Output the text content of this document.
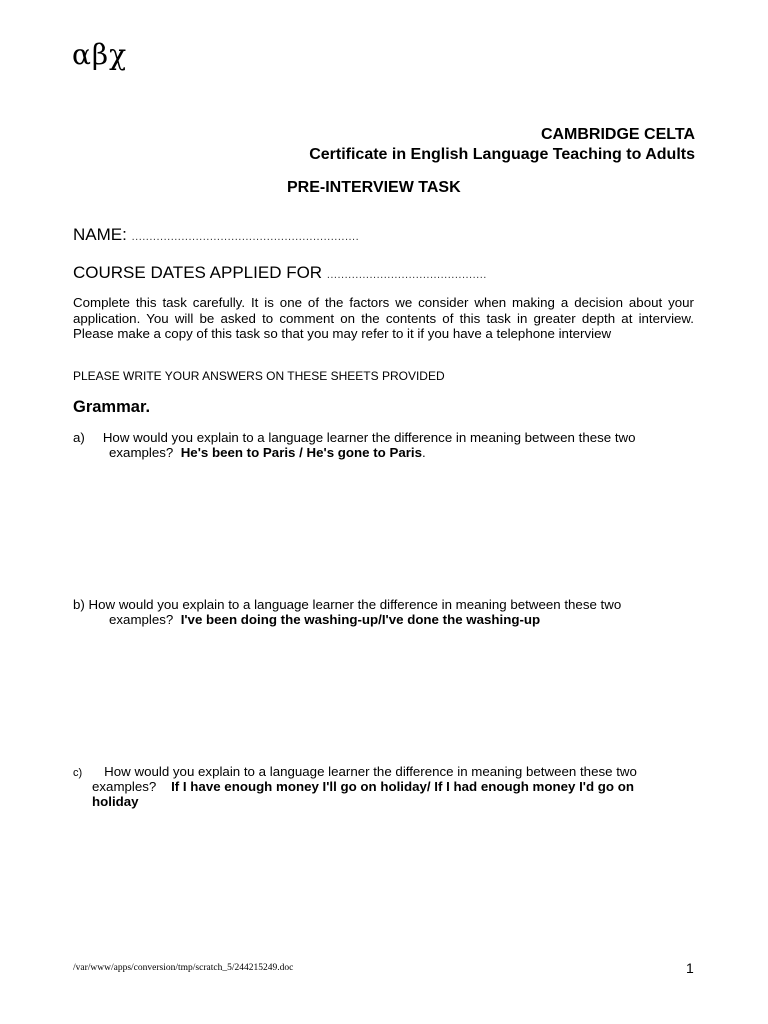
αβχ
CAMBRIDGE CELTA
Certificate in English Language Teaching to Adults
PRE-INTERVIEW TASK
NAME: ................................................................
COURSE DATES APPLIED FOR .............................................
Complete this task carefully. It is one of the factors we consider when making a decision about your application. You will be asked to comment on the contents of this task in greater depth at interview. Please make a copy of this task so that you may refer to it if you have a telephone interview
PLEASE WRITE YOUR ANSWERS ON THESE SHEETS PROVIDED
Grammar.
a) How would you explain to a language learner the difference in meaning between these two
examples? He's been to Paris / He's gone to Paris.
b) How would you explain to a language learner the difference in meaning between these two
examples? I've been doing the washing-up/I've done the washing-up
c) How would you explain to a language learner the difference in meaning between these two
examples? If I have enough money I'll go on holiday/ If I had enough money I'd go on
holiday
/var/www/apps/conversion/tmp/scratch_5/244215249.doc	1
